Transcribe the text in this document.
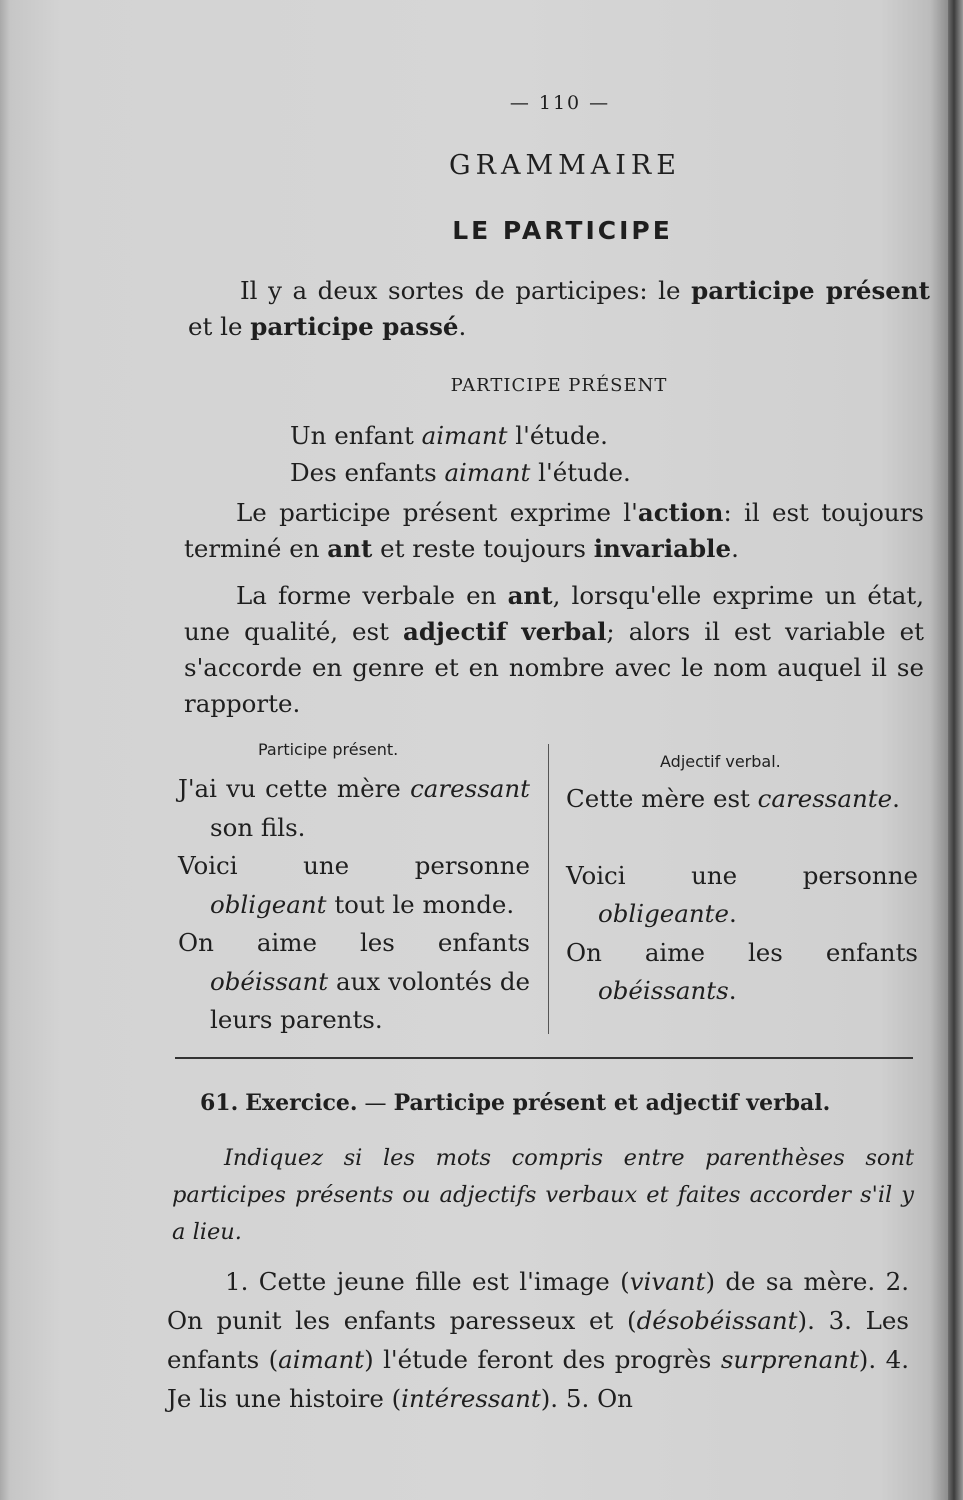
— 110 —
GRAMMAIRE
LE PARTICIPE
Il y a deux sortes de participes: le participe présent et le participe passé.
PARTICIPE PRÉSENT
Un enfant aimant l'étude.
Des enfants aimant l'étude.
Le participe présent exprime l'action: il est toujours terminé en ant et reste toujours invariable.
La forme verbale en ant, lorsqu'elle exprime un état, une qualité, est adjectif verbal; alors il est variable et s'accorde en genre et en nombre avec le nom auquel il se rapporte.
Participe présent.
Adjectif verbal.
J'ai vu cette mère caressant son fils.
Voici une personne obligeant tout le monde.
On aime les enfants obéissant aux volontés de leurs parents.
Cette mère est caressante.
Voici une personne obligeante.
On aime les enfants obéissants.
61. Exercice. — Participe présent et adjectif verbal.
Indiquez si les mots compris entre parenthèses sont participes présents ou adjectifs verbaux et faites accorder s'il y a lieu.
1. Cette jeune fille est l'image (vivant) de sa mère. 2. On punit les enfants paresseux et (désobéissant). 3. Les enfants (aimant) l'étude feront des progrès surprenant). 4. Je lis une histoire (intéressant). 5. On
